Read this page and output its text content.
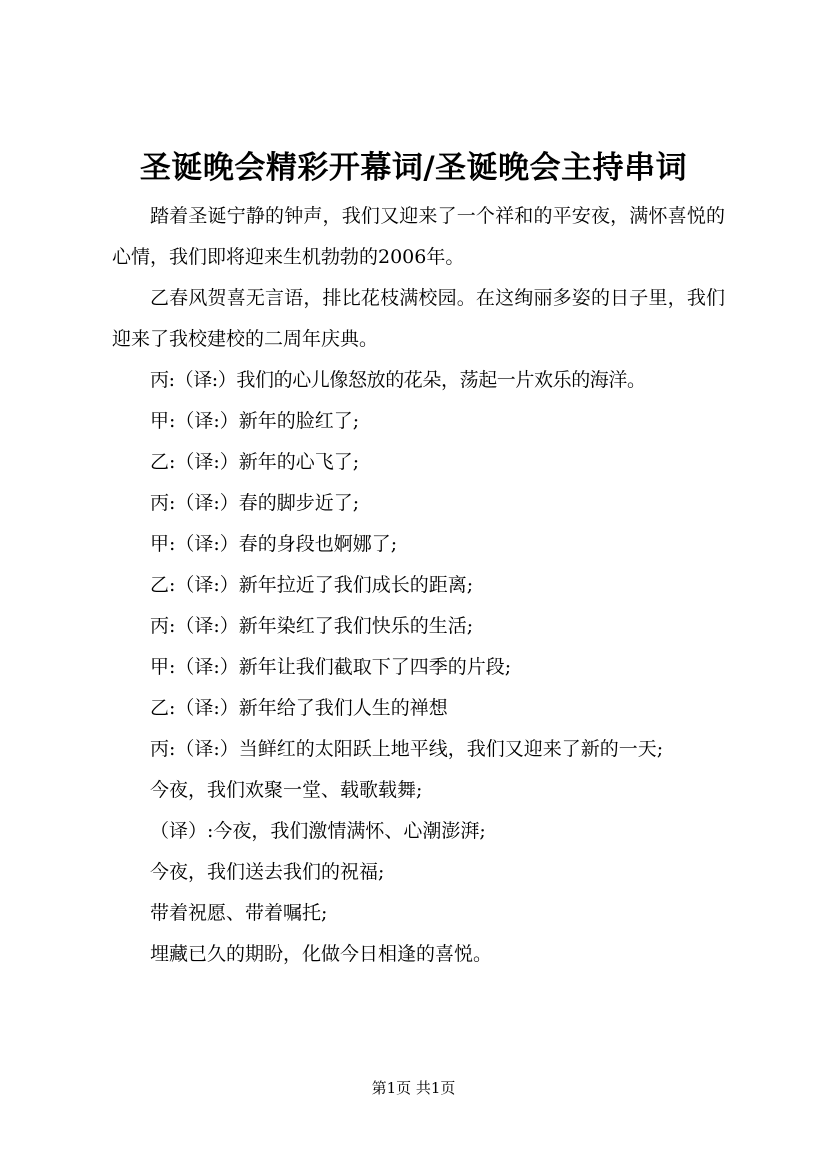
圣诞晚会精彩开幕词/圣诞晚会主持串词

踏着圣诞宁静的钟声，我们又迎来了一个祥和的平安夜，满怀喜悦的心情，我们即将迎来生机勃勃的2006年。

乙春风贺喜无言语，排比花枝满校园。在这绚丽多姿的日子里，我们迎来了我校建校的二周年庆典。

丙:（译:）我们的心儿像怒放的花朵，荡起一片欢乐的海洋。

甲:（译:）新年的脸红了;

乙:（译:）新年的心飞了;

丙:（译:）春的脚步近了;

甲:（译:）春的身段也婀娜了;

乙:（译:）新年拉近了我们成长的距离;

丙:（译:）新年染红了我们快乐的生活;

甲:（译:）新年让我们截取下了四季的片段;

乙:（译:）新年给了我们人生的禅想

丙:（译:）当鲜红的太阳跃上地平线，我们又迎来了新的一天;

今夜，我们欢聚一堂、载歌载舞;

（译）:今夜，我们激情满怀、心潮澎湃;

今夜，我们送去我们的祝福;

带着祝愿、带着嘱托;

埋藏已久的期盼，化做今日相逢的喜悦。

第1页 共1页
